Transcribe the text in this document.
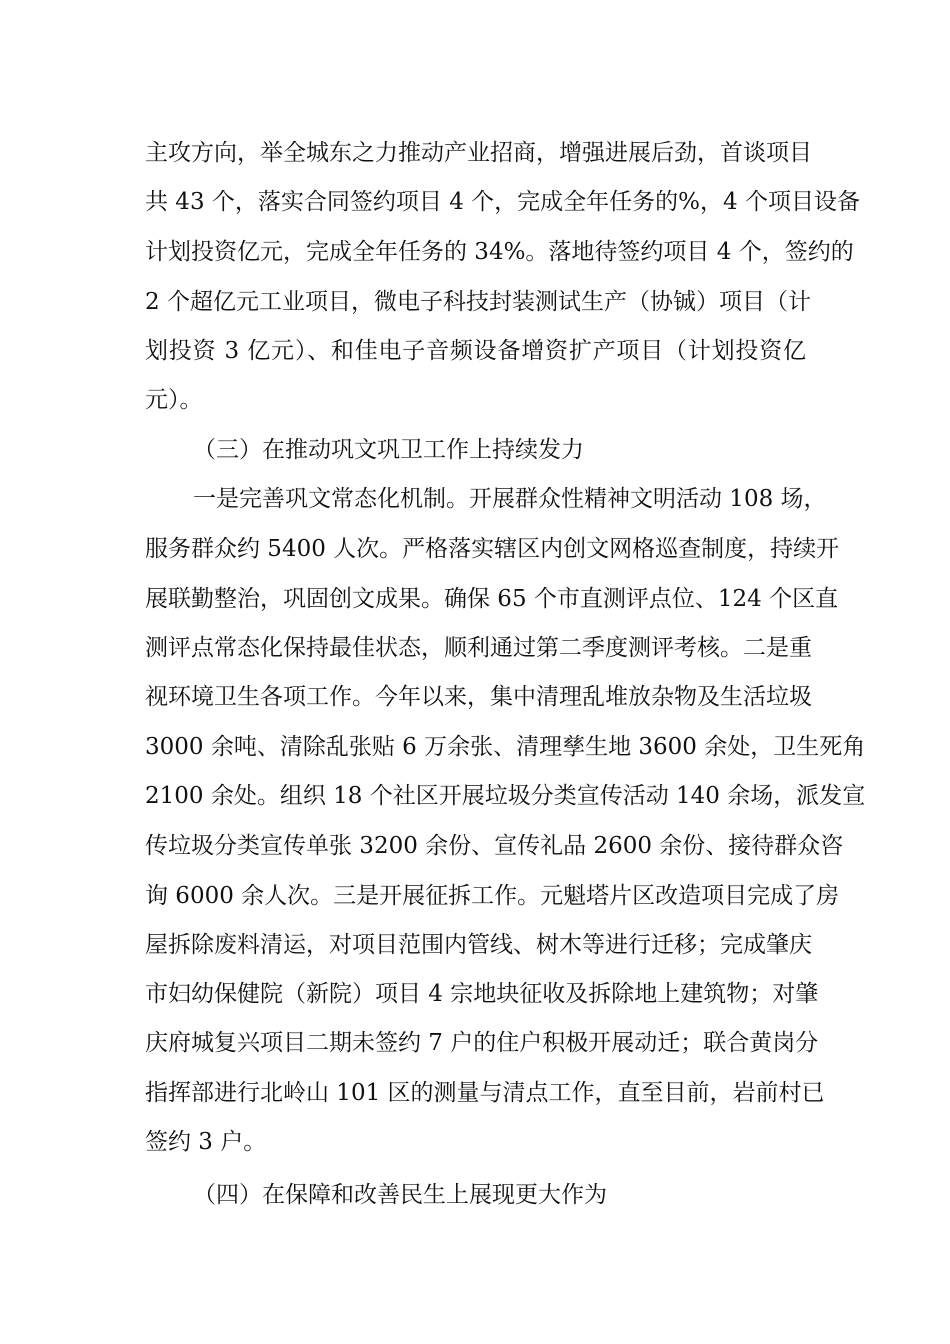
主攻方向，举全城东之力推动产业招商，增强进展后劲，首谈项目
共 43 个，落实合同签约项目 4 个，完成全年任务的%，4 个项目设备
计划投资亿元，完成全年任务的 34%。落地待签约项目 4 个，签约的
2 个超亿元工业项目，微电子科技封装测试生产（协铖）项目（计
划投资 3 亿元）、和佳电子音频设备增资扩产项目（计划投资亿
元）。
（三）在推动巩文巩卫工作上持续发力
一是完善巩文常态化机制。开展群众性精神文明活动 108 场，
服务群众约 5400 人次。严格落实辖区内创文网格巡查制度，持续开
展联勤整治，巩固创文成果。确保 65 个市直测评点位、124 个区直
测评点常态化保持最佳状态，顺利通过第二季度测评考核。二是重
视环境卫生各项工作。今年以来，集中清理乱堆放杂物及生活垃圾
3000 余吨、清除乱张贴 6 万余张、清理孳生地 3600 余处，卫生死角
2100 余处。组织 18 个社区开展垃圾分类宣传活动 140 余场，派发宣
传垃圾分类宣传单张 3200 余份、宣传礼品 2600 余份、接待群众咨
询 6000 余人次。三是开展征拆工作。元魁塔片区改造项目完成了房
屋拆除废料清运，对项目范围内管线、树木等进行迁移；完成肇庆
市妇幼保健院（新院）项目 4 宗地块征收及拆除地上建筑物；对肇
庆府城复兴项目二期未签约 7 户的住户积极开展动迁；联合黄岗分
指挥部进行北岭山 101 区的测量与清点工作，直至目前，岩前村已
签约 3 户。
（四）在保障和改善民生上展现更大作为
